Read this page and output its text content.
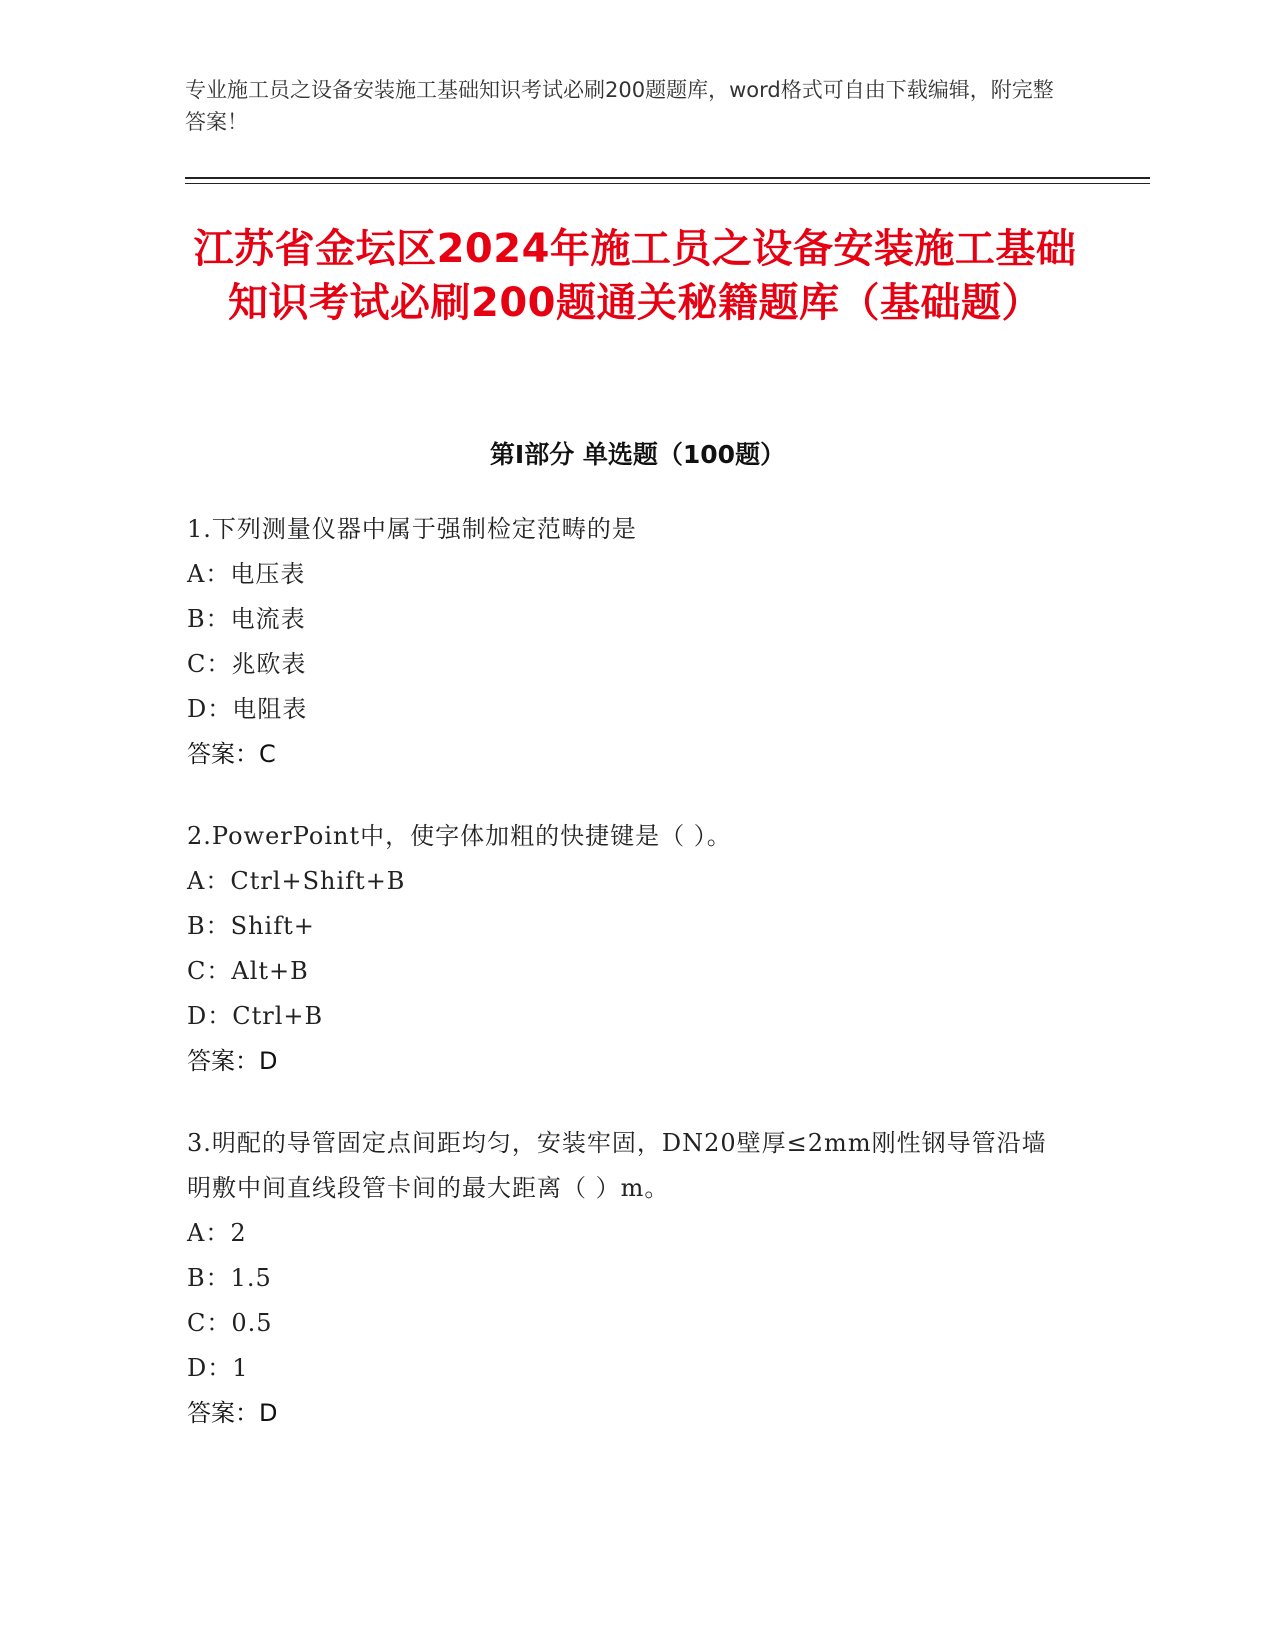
专业施工员之设备安装施工基础知识考试必刷200题题库，word格式可自由下载编辑，附完整答案！
江苏省金坛区2024年施工员之设备安装施工基础知识考试必刷200题通关秘籍题库（基础题）
第Ⅰ部分 单选题（100题）
1.下列测量仪器中属于强制检定范畴的是
A：电压表
B：电流表
C：兆欧表
D：电阻表
答案：C
2.PowerPoint中，使字体加粗的快捷键是（ ）。
A：Ctrl+Shift+B
B：Shift+
C：Alt+B
D：Ctrl+B
答案：D
3.明配的导管固定点间距均匀，安装牢固，DN20壁厚≤2mm刚性钢导管沿墙明敷中间直线段管卡间的最大距离（ ）m。
A：2
B：1.5
C：0.5
D：1
答案：D
